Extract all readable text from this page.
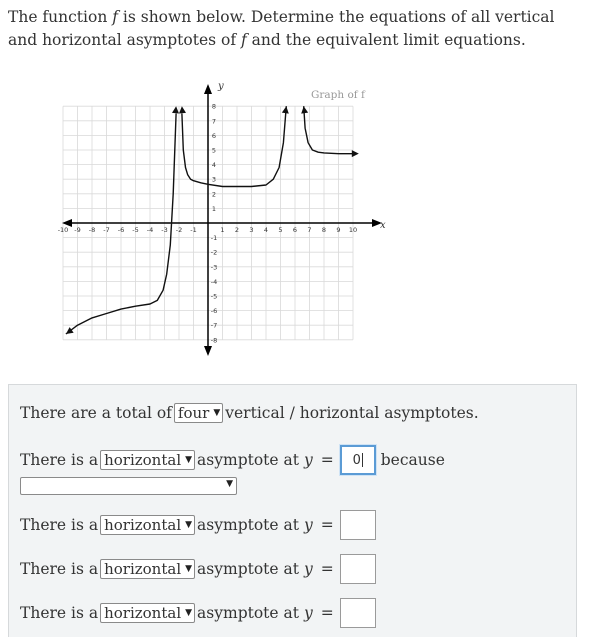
The function f is shown below. Determine the equations of all vertical and horizontal asymptotes of f and the equivalent limit equations.
-10 -9 -8 -7 -6 -5 -4 -3 -2 -1	1 2 3 4 5 6 7 8 9 10
-8
-7
-6
-5
-4
-3
-2
-1
1
2
3
4
5
6
7
8
Graph of f
x
y
There are a total of four ▼ vertical / horizontal asymptotes.
There is a horizontal ▼ asymptote at y = 0 because
▼
There is a horizontal ▼ asymptote at y =
There is a horizontal ▼ asymptote at y =
There is a horizontal ▼ asymptote at y =
